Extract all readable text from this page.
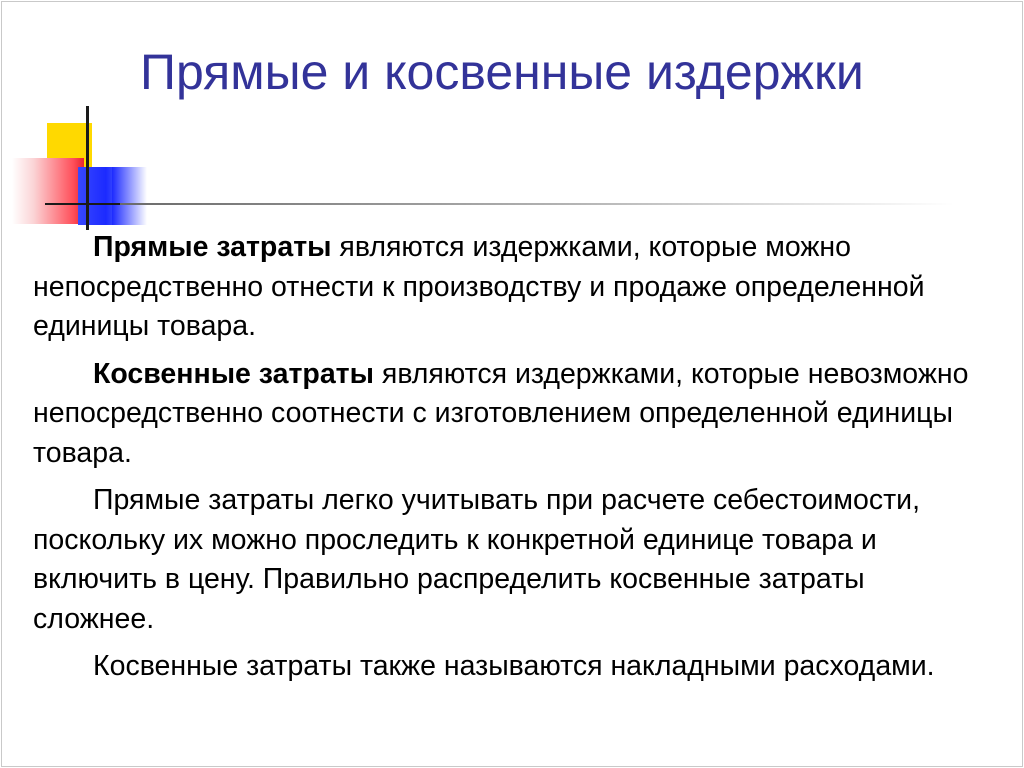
Прямые и косвенные издержки

Прямые затраты являются издержками, которые можно непосредственно отнести к производству и продаже определенной единицы товара.

Косвенные затраты являются издержками, которые невозможно непосредственно соотнести с изготовлением определенной единицы товара.

Прямые затраты легко учитывать при расчете себестоимости, поскольку их можно проследить к конкретной единице товара и включить в цену. Правильно распределить косвенные затраты сложнее.

Косвенные затраты также называются накладными расходами.
